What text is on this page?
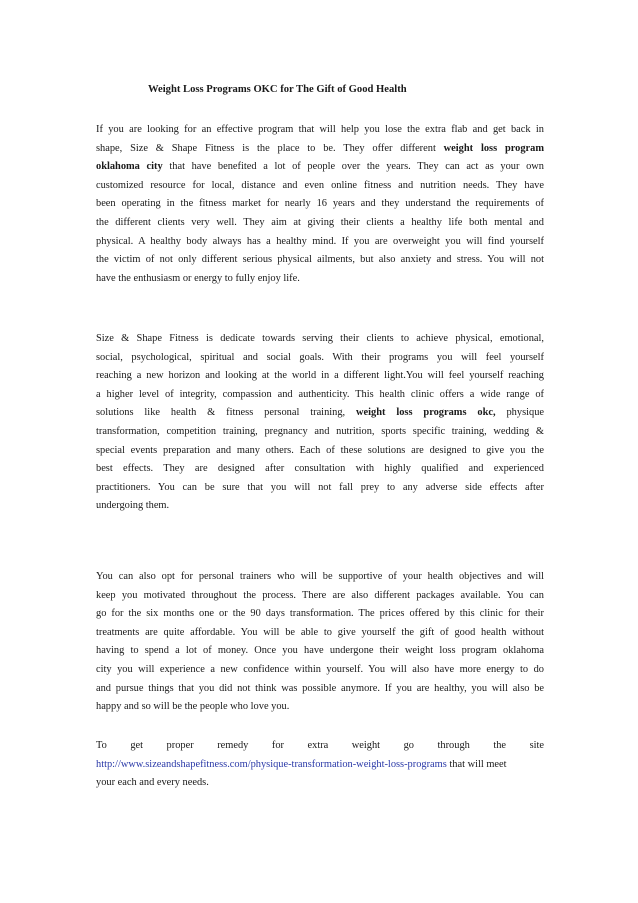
Weight Loss Programs OKC for The Gift of Good Health
If you are looking for an effective program that will help you lose the extra flab and get back in
shape, Size & Shape Fitness is the place to be. They offer different weight loss program
oklahoma city that have benefited a lot of people over the years. They can act as your own
customized resource for local, distance and even online fitness and nutrition needs. They have
been operating in the fitness market for nearly 16 years and they understand the requirements of
the different clients very well. They aim at giving their clients a healthy life both mental and
physical. A healthy body always has a healthy mind. If you are overweight you will find yourself
the victim of not only different serious physical ailments, but also anxiety and stress. You will not
have the enthusiasm or energy to fully enjoy life.
Size & Shape Fitness is dedicate towards serving their clients to achieve physical, emotional,
social, psychological, spiritual and social goals. With their programs you will feel yourself
reaching a new horizon and looking at the world in a different light.You will feel yourself reaching
a higher level of integrity, compassion and authenticity. This health clinic offers a wide range of
solutions like health & fitness personal training, weight loss programs okc, physique
transformation, competition training, pregnancy and nutrition, sports specific training, wedding &
special events preparation and many others. Each of these solutions are designed to give you the
best effects. They are designed after consultation with highly qualified and experienced
practitioners. You can be sure that you will not fall prey to any adverse side effects after
undergoing them.
You can also opt for personal trainers who will be supportive of your health objectives and will
keep you motivated throughout the process. There are also different packages available. You can
go for the six months one or the 90 days transformation. The prices offered by this clinic for their
treatments are quite affordable. You will be able to give yourself the gift of good health without
having to spend a lot of money. Once you have undergone their weight loss program oklahoma
city you will experience a new confidence within yourself. You will also have more energy to do
and pursue things that you did not think was possible anymore. If you are healthy, you will also be
happy and so will be the people who love you.
To get proper remedy for extra weight go through the site
http://www.sizeandshapefitness.com/physique-transformation-weight-loss-programs that will meet
your each and every needs.
